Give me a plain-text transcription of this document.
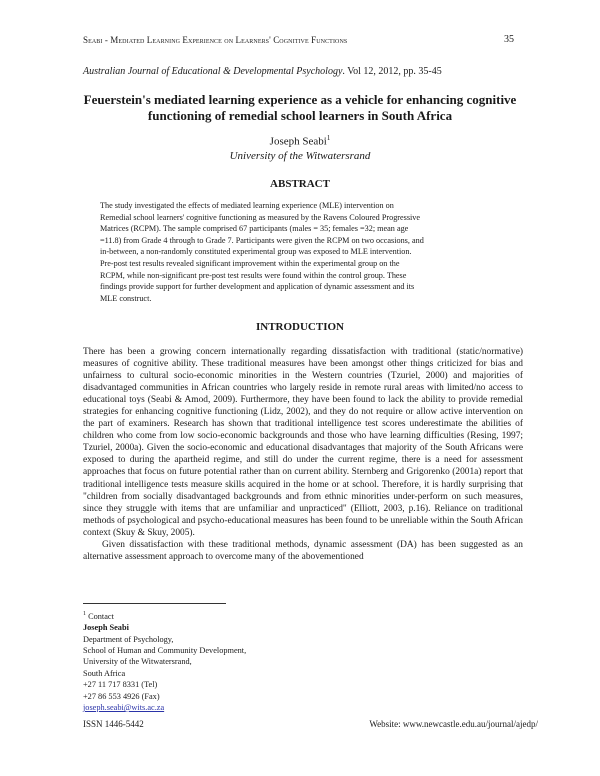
Seabi - Mediated Learning Experience on Learners' Cognitive Functions	35
Australian Journal of Educational & Developmental Psychology. Vol 12, 2012, pp. 35-45
Feuerstein's mediated learning experience as a vehicle for enhancing cognitive functioning of remedial school learners in South Africa
Joseph Seabi$^1$
University of the Witwatersrand
ABSTRACT
The study investigated the effects of mediated learning experience (MLE) intervention on
Remedial school learners' cognitive functioning as measured by the Ravens Coloured Progressive
Matrices (RCPM). The sample comprised 67 participants (males = 35; females =32; mean age
=11.8) from Grade 4 through to Grade 7. Participants were given the RCPM on two occasions, and
in-between, a non-randomly constituted experimental group was exposed to MLE intervention.
Pre-post test results revealed significant improvement within the experimental group on the
RCPM, while non-significant pre-post test results were found within the control group. These
findings provide support for further development and application of dynamic assessment and its
MLE construct.
INTRODUCTION

There has been a growing concern internationally regarding dissatisfaction with traditional (static/normative) measures of cognitive ability. These traditional measures have been amongst other things criticized for bias and unfairness to cultural socio-economic minorities in the Western countries (Tzuriel, 2000) and majorities of disadvantaged communities in African countries who largely reside in remote rural areas with limited/no access to educational toys (Seabi & Amod, 2009). Furthermore, they have been found to lack the ability to provide remedial strategies for enhancing cognitive functioning (Lidz, 2002), and they do not require or allow active intervention on the part of examiners. Research has shown that traditional intelligence test scores underestimate the abilities of children who come from low socio-economic backgrounds and those who have learning difficulties (Resing, 1997; Tzuriel, 2000a). Given the socio-economic and educational disadvantages that majority of the South Africans were exposed to during the apartheid regime, and still do under the current regime, there is a need for assessment approaches that focus on future potential rather than on current ability. Sternberg and Grigorenko (2001a) report that traditional intelligence tests measure skills acquired in the home or at school. Therefore, it is hardly surprising that "children from socially disadvantaged backgrounds and from ethnic minorities under-perform on such measures, since they struggle with items that are unfamiliar and unpracticed" (Elliott, 2003, p.16). Reliance on traditional methods of psychological and psycho-educational measures has been found to be unreliable within the South African context (Skuy & Skuy, 2005).

Given dissatisfaction with these traditional methods, dynamic assessment (DA) has been suggested as an alternative assessment approach to overcome many of the abovementioned

$^1$ Contact
Joseph Seabi
Department of Psychology,
School of Human and Community Development,
University of the Witwatersrand,
South Africa
+27 11 717 8331 (Tel)
+27 86 553 4926 (Fax)
joseph.seabi@wits.ac.za
ISSN 1446-5442	Website: www.newcastle.edu.au/journal/ajedp/
